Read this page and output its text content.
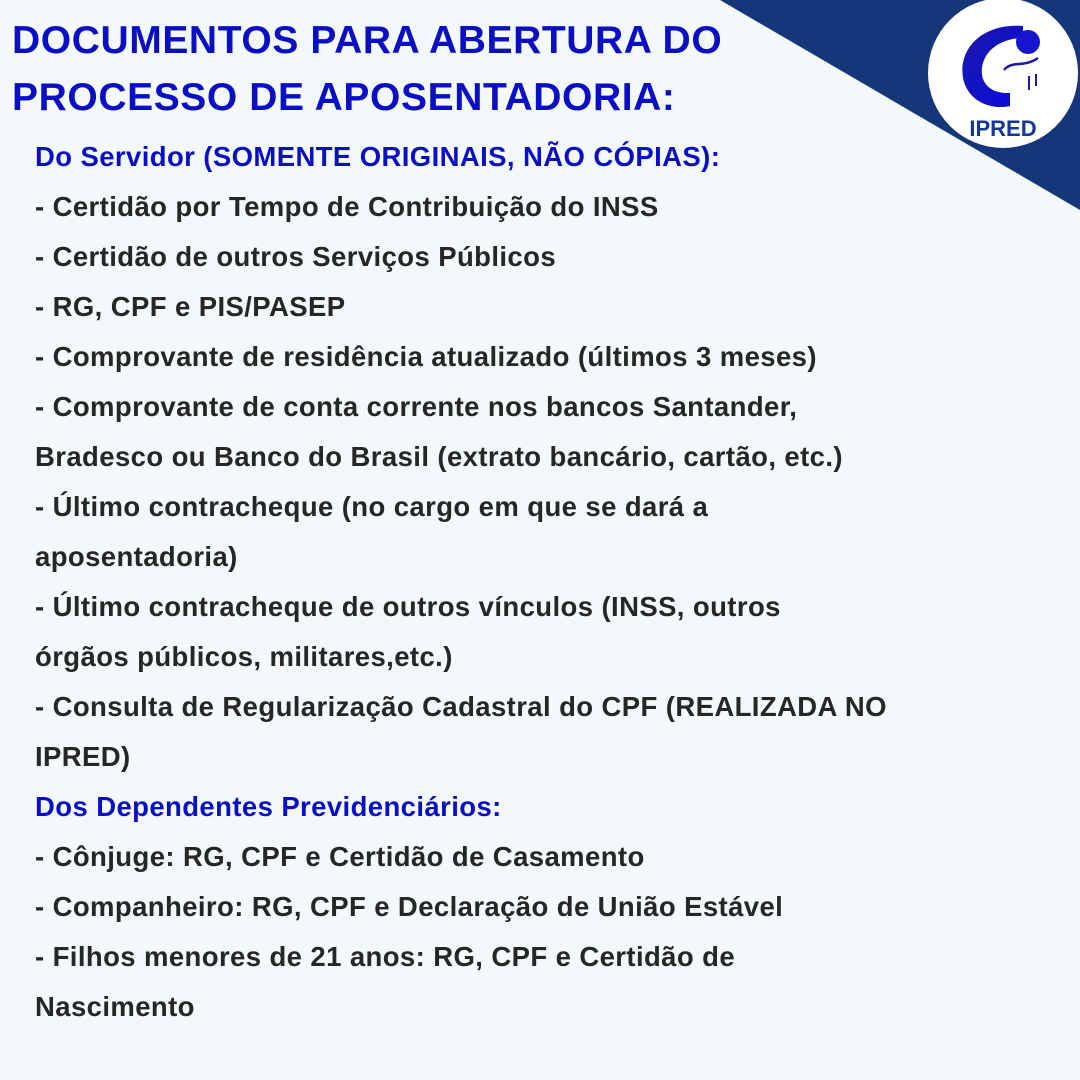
IPRED
DOCUMENTOS PARA ABERTURA DO
PROCESSO DE APOSENTADORIA:
Do Servidor (SOMENTE ORIGINAIS, NÃO CÓPIAS):
- Certidão por Tempo de Contribuição do INSS
- Certidão de outros Serviços Públicos
- RG, CPF e PIS/PASEP
- Comprovante de residência atualizado (últimos 3 meses)
- Comprovante de conta corrente nos bancos Santander,
Bradesco ou Banco do Brasil (extrato bancário, cartão, etc.)
- Último contracheque (no cargo em que se dará a
aposentadoria)
- Último contracheque de outros vínculos (INSS, outros
órgãos públicos, militares,etc.)
- Consulta de Regularização Cadastral do CPF (REALIZADA NO
IPRED)
Dos Dependentes Previdenciários:
- Cônjuge: RG, CPF e Certidão de Casamento
- Companheiro: RG, CPF e Declaração de União Estável
- Filhos menores de 21 anos: RG, CPF e Certidão de
Nascimento
